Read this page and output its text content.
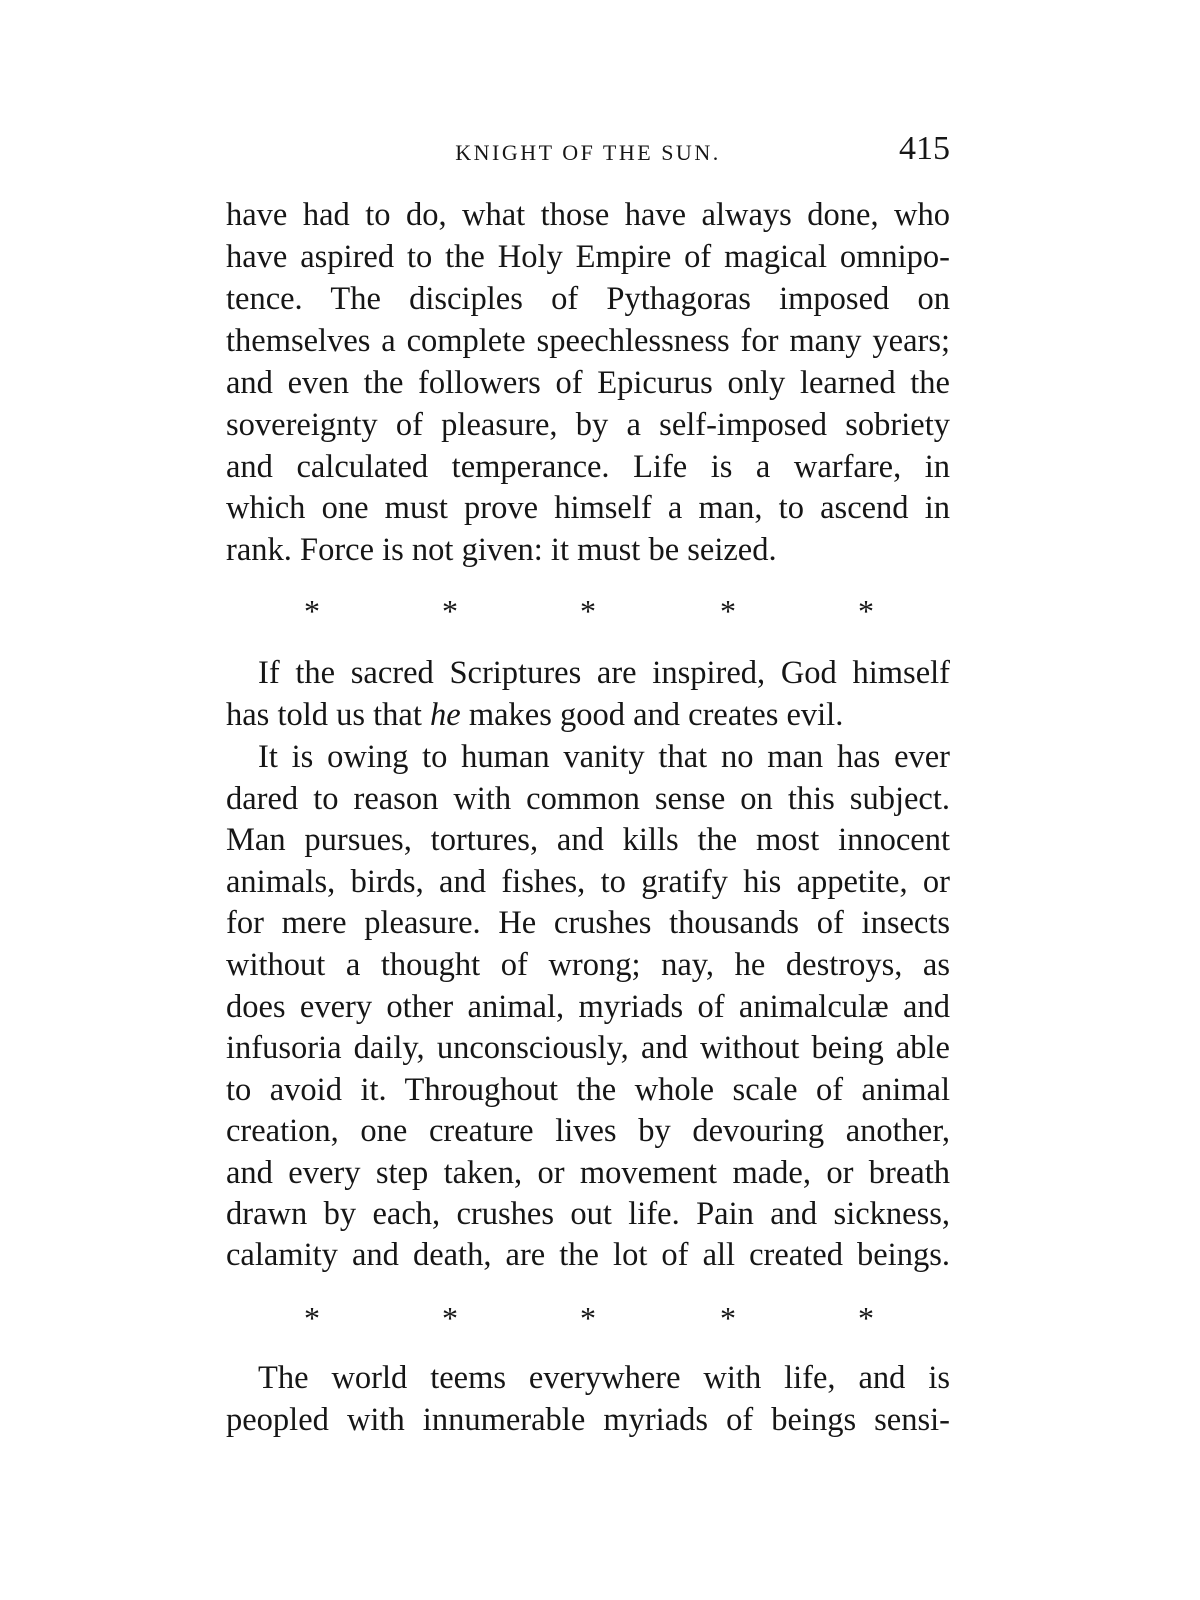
KNIGHT OF THE SUN.	415
have had to do, what those have always done, who
have aspired to the Holy Empire of magical omnipo-
tence. The disciples of Pythagoras imposed on
themselves a complete speechlessness for many years;
and even the followers of Epicurus only learned the
sovereignty of pleasure, by a self-imposed sobriety
and calculated temperance. Life is a warfare, in
which one must prove himself a man, to ascend in
rank. Force is not given: it must be seized.
*	*	*	*	*
If the sacred Scriptures are inspired, God himself
has told us that he makes good and creates evil.
It is owing to human vanity that no man has ever
dared to reason with common sense on this subject.
Man pursues, tortures, and kills the most innocent
animals, birds, and fishes, to gratify his appetite, or
for mere pleasure. He crushes thousands of insects
without a thought of wrong; nay, he destroys, as
does every other animal, myriads of animalculæ and
infusoria daily, unconsciously, and without being able
to avoid it. Throughout the whole scale of animal
creation, one creature lives by devouring another,
and every step taken, or movement made, or breath
drawn by each, crushes out life. Pain and sickness,
calamity and death, are the lot of all created beings.
*	*	*	*	*
The world teems everywhere with life, and is
peopled with innumerable myriads of beings sensi-
